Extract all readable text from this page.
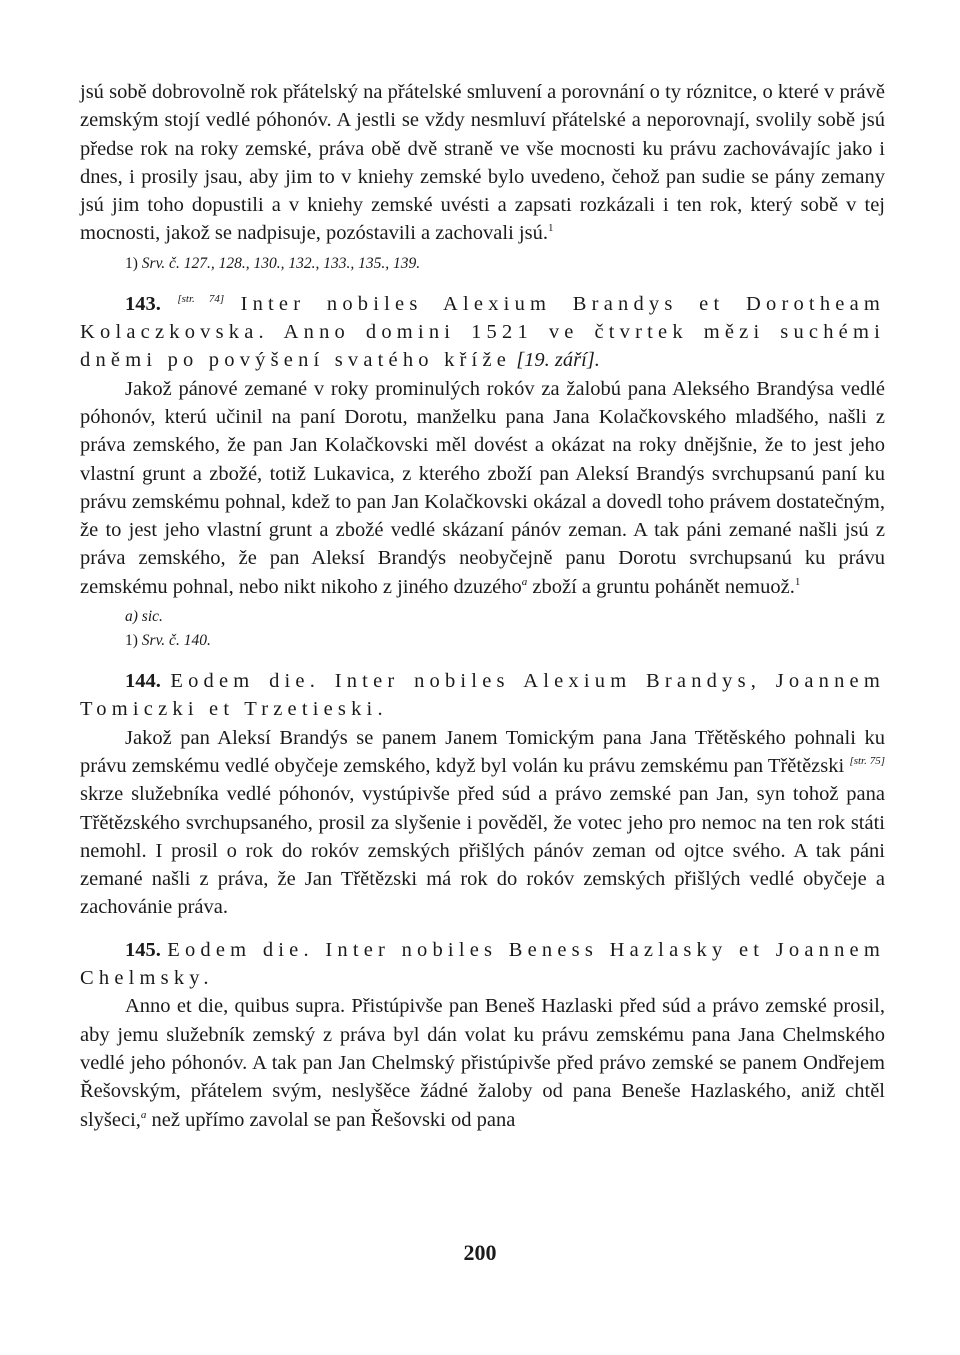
jsú sobě dobrovolně rok přátelský na přátelské smluvení a porovnání o ty róznitce, o které v právě zemským stojí vedlé póhonóv. A jestli se vždy nesmluví přátelské a neporovnají, svolily sobě jsú předse rok na roky zemské, práva obě dvě straně ve vše mocnosti ku právu zachovávajíc jako i dnes, i prosily jsau, aby jim to v kniehy zemské bylo uvedeno, čehož pan sudie se pány zemany jsú jim toho dopustili a v kniehy zemské uvésti a zapsati rozkázali i ten rok, který sobě v tej mocnosti, jakož se nadpisuje, pozóstavili a zachovali jsú.$^1$

1) Srv. č. 127., 128., 130., 132., 133., 135., 139.

143. [str. 74] Inter nobiles Alexium Brandys et Dorotheam Kolaczkovska. Anno domini 1521 ve čtvrtek mězi suchémi dněmi po povýšení svatého kříže [19. září].

Jakož pánové zemané v roky prominulých rokóv za žalobú pana Alekséhо Brandýsa vedlé póhonóv, kterú učinil na paní Dorotu, manželku pana Jana Kolačkovského mladšého, našli z práva zemského, že pan Jan Kolačkovski měl dovést a okázat na roky dnějšnie, že to jest jeho vlastní grunt a zbožé, totiž Lukavica, z kterého zboží pan Aleksí Brandýs svrchupsanú paní ku právu zemskému pohnal, kdež to pan Jan Kolačkovski okázal a dovedl toho právem dostatečným, že to jest jeho vlastní grunt a zbožé vedlé skázaní pánóv zeman. A tak páni zemané našli jsú z práva zemského, že pan Aleksí Brandýs neobyčejně panu Dorotu svrchupsanú ku právu zemskému pohnal, nebo nikt nikoho z jiného dzuzého$^a$ zboží a gruntu pohánět nemuož.$^1$

a) sic.

1) Srv. č. 140.

144. Eodem die. Inter nobiles Alexium Brandys, Joannem Tomiczki et Trzetieski.

Jakož pan Aleksí Brandýs se panem Janem Tomickým pana Jana Třětěského pohnali ku právu zemskému vedlé obyčeje zemského, když byl volán ku právu zemskému pan Třětězski [str. 75] skrze služebníka vedlé póhonóv, vystúpivše před súd a právo zemské pan Jan, syn tohož pana Třětězského svrchupsaného, prosil za slyšenie i pověděl, že votec jeho pro nemoc na ten rok státi nemohl. I prosil o rok do rokóv zemských přišlých pánóv zeman od ojtce svého. A tak páni zemané našli z práva, že Jan Třětězski má rok do rokóv zemských přišlých vedlé obyčeje a zachovánie práva.

145. Eodem die. Inter nobiles Beness Hazlasky et Joannem Chelmsky.

Anno et die, quibus supra. Přistúpivše pan Beneš Hazlaski před súd a právo zemské prosil, aby jemu služebník zemský z práva byl dán volat ku právu zemskému pana Jana Chelmského vedlé jeho póhonóv. A tak pan Jan Chelmský přistúpivše před právo zemské se panem Ondřejem Řešovským, přátelem svým, neslyšěce žádné žaloby od pana Beneše Hazlaského, aniž chtěl slyšeci,$^a$ než upřímo zavolal se pan Řešovski od pana

200
